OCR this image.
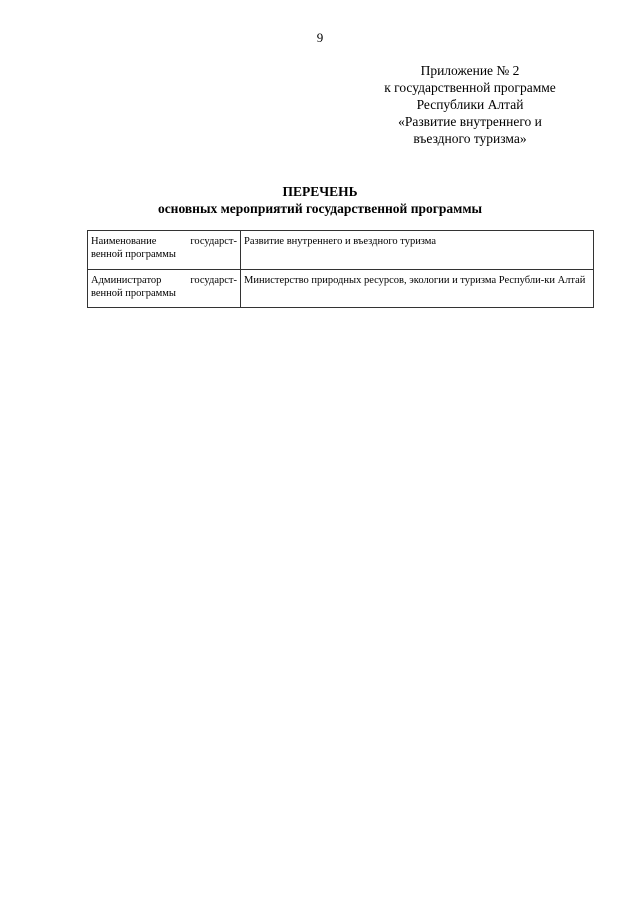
9
Приложение № 2
к государственной программе
Республики Алтай
«Развитие внутреннего и
въездного туризма»
ПЕРЕЧЕНЬ
основных мероприятий государственной программы
Наименование государст-венной программы	Развитие внутреннего и въездного туризма
Администратор государст-венной программы	Министерство природных ресурсов, экологии и туризма Республи-ки Алтай
